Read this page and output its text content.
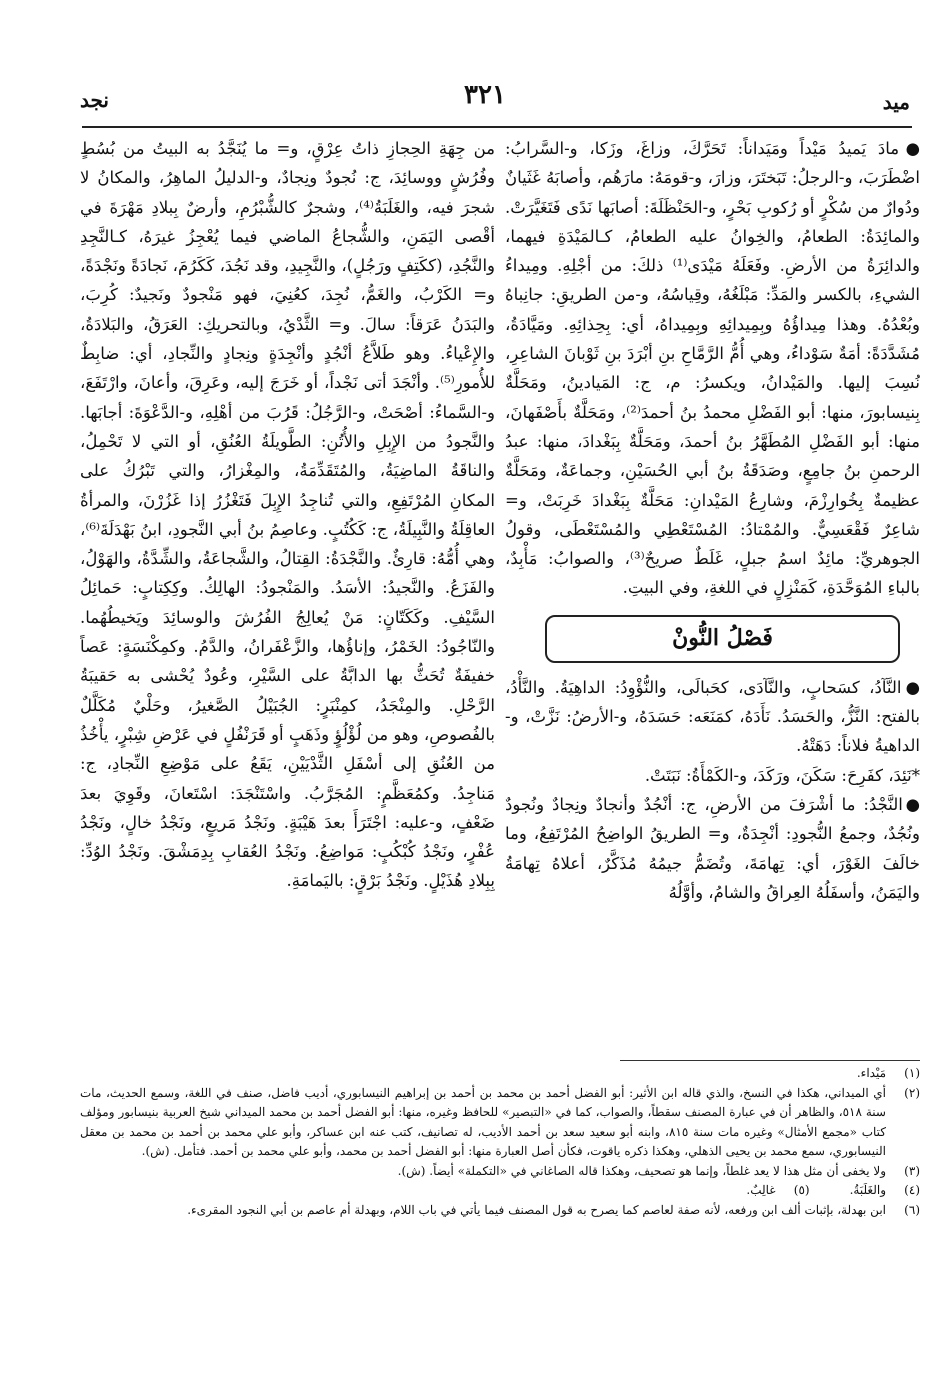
نجد	٣٢١	ميد

●مادَ يَميدُ مَيْداً ومَيَداناً: تَحَرَّكَ، وزاغَ، وزَكا، و-السَّرابُ: اضْطَرَبَ، و-الرجلُ: تَبَختَرَ، وزارَ، و-قومَهُ: مارَهُم، وأصابَهُ غَثَيانٌ ودُوارٌ من سُكْرٍ أو رُكوبِ بَحْرٍ، و-الحَنْظَلَةَ: أصابَها نَدًى فَتَغَيَّرَتْ. والمائِدَةُ: الطعامُ، والخِوانُ عليه الطعامُ، كـالمَيْدَةِ فيهما، والدائِرَةُ من الأرضِ. وفَعَلَهُ مَيْدَى⁽¹⁾ ذلكَ: من أجْلِهِ. ومِيداءُ الشيءِ، بالكسر والمَدِّ: مَبْلَغُهُ، وقِياسُهُ، و-من الطريقِ: جانِباهُ وبُعْدُهُ. وهذا مِيداؤُهُ وبِمِيدائِهِ وبِمِيداهُ، أي: بِحِذائِهِ. ومَيَّادَةُ، مُشَدَّدَةً: أمَةٌ سَوْداءُ، وهي أُمُّ الرَّمَّاحِ بنِ أبْرَدَ بنِ ثَوْبانَ الشاعِرِ، نُسِبَ إليها. والمَيْدانُ، ويكسرُ: م، ج: المَيادينُ، ومَحَلَّةٌ بِنيسابورَ، منها: أبو الفَضْلِ محمدُ بنُ أحمدَ⁽²⁾، ومَحَلَّةٌ بأَصْفَهانَ، منها: أبو الفَضْلِ المُطَهَّرُ بنُ أحمدَ، ومَحَلَّةٌ بِبَغْدادَ، منها: عبدُ الرحمنِ بنُ جامِعٍ، وصَدَقَةُ بنُ أبي الحُسَيْنِ، وجماعَةٌ، ومَحَلَّةٌ عظيمةٌ بِخُوارِزْمَ، وشارِعُ المَيْدانِ: مَحَلَّةٌ بِبَغْدادَ خَرِبَتْ، و= شاعِرٌ فَقْعَسِيٌّ. والمُمْتادُ: المُسْتَعْطِي والمُسْتَعْطَى، وقولُ الجوهريِّ: مائِدٌ اسمُ جبلٍ، غَلَطٌ صريحٌ⁽³⁾، والصوابُ: مَأْبِدٌ، بالباءِ المُوَحَّدَةِ، كَمَنْزِلٍ في اللغةِ، وفي البيتِ.

فَصْلُ النُّونْ

●النَّآدُ، كسَحابٍ، والنَّآدَى، كحَبالَى، والنُّؤْوِدُ: الداهِيَةُ. والنَّأْدُ، بالفتح: النَّزُّ، والحَسَدُ. نَأَدَهُ، كمَنَعَه: حَسَدَهُ، و-الأرضُ: نَزَّتْ، و-الداهيةُ فلاناً: دَهَتْهُ.

*نَئِدَ، كفَرِحَ: سَكَنَ، ورَكَدَ، و-الكَمْأَةُ: نَبَتَتْ.

●النَّجْدُ: ما أشْرَفَ من الأرضِ، ج: أنْجُدٌ وأنجادٌ ونِجادٌ ونُجودٌ ونُجُدٌ، وجمعُ النُّجودِ: أنْجِدَةٌ، و= الطريقُ الواضِحُ المُرْتَفِعُ، وما خالَفَ الغَوْرَ، أي: تِهامَةَ، وتُضَمُّ جيمُهُ مُذَكَّرٌ، أعلاهُ تِهامَةُ واليَمَنُ، وأسفَلُهُ العِراقُ والشامُ، وأوَّلُهُ

من جِهَةِ الحِجازِ ذاتُ عِرْقٍ، و= ما يُنَجَّدُ به البيتُ من بُسُطٍ وفُرُشٍ ووسائِدَ، ج: نُجودٌ ونِجادٌ، و-الدليلُ الماهِرُ، والمكانُ لا شجرَ فيه، والغَلَبَةُ⁽⁴⁾، وشجرٌ كالشُّبْرُمِ، وأرضٌ بِبلادِ مَهْرَةَ في أقْصى اليَمَنِ، والشُّجاعُ الماضي فيما يُعْجِزُ غيرَهُ، كـالنَّجِدِ والنَّجُدِ، (ككَتِفٍ ورَجُلٍ)، والنَّجِيدِ، وقد نَجُدَ، كَكَرُمَ، نَجادَةً ونَجْدَةً، و= الكَرْبُ، والغَمُّ، نُجِدَ، كعُنِيَ، فهو مَنْجودٌ ونَجيدٌ: كُرِبَ، والبَدَنُ عَرَقاً: سالَ. و= الثَّدْيُ، وبالتحريكِ: العَرَقُ، والبَلادَةُ، والإِعْياءُ. وهو طَلاَّعُ أنْجُدٍ وأنْجِدَةٍ ونِجادٍ والنِّجادِ، أي: ضابِطٌ للأُمورِ⁽⁵⁾. وأنْجَدَ أتى نَجْداً، أو خَرَجَ إليه، وعَرِقَ، وأعانَ، وارْتَفَعَ، و-السَّماءُ: أصْحَتْ، و-الرَّجُلُ: قَرُبَ من أهْلِهِ، و-الدَّعْوَةَ: أجابَها. والنَّجودُ من الإِبِلِ والأُتُنِ: الطَّويلَةُ العُنُقِ، أو التي لا تَحْمِلُ، والناقَةُ الماضِيَةُ، والمُتَقَدِّمَةُ، والمِغْزارُ، والتي تَبْرُكُ على المكانِ المُرْتَفِعِ، والتي تُناجِدُ الإِبِلَ فَتَغْزُرُ إذا غَزُرْنَ، والمرأةُ العاقِلَةُ والنَّبِيلَةُ، ج: كَكُتُبٍ. وعاصِمُ بنُ أبي النَّجودِ، ابنُ بَهْدَلَةَ⁽⁶⁾، وهي أُمُّهُ: قارِئٌ. والنَّجْدَةُ: القِتالُ، والشَّجاعَةُ، والشِّدَّةُ، والهَوْلُ، والفَزَعُ. والنَّجيدُ: الأسَدُ. والمَنْجودُ: الهالِكُ. وكِكِتابٍ: حَمائِلُ السَّيْفِ. وكَكَتّانٍ: مَنْ يُعالِجُ الفُرُشَ والوسائِدَ ويَخيطُهُما. والنّاجُودُ: الخَمْرُ، وإناؤُها، والزَّعْفَرانُ، والدَّمُ. وكمِكْنَسَةٍ: عَصاً خفيفَةٌ تُحَثُّ بها الدابَّةُ على السَّيْرِ، وعُودٌ يُحْشى به حَقيبَةُ الرَّحْلِ. والمِنْجَدُ، كمِنْبَرٍ: الجُبَيْلُ الصَّغيرُ، وحَلْيٌ مُكَلَّلٌ بالفُصوصِ، وهو من لُؤْلُؤٍ وذَهَبٍ أو قَرَنْفُلٍ في عَرْضِ شِبْرٍ، يأْخُذُ من العُنُقِ إلى أسْفَلِ الثَّدْيَيْنِ، يَقَعُ على مَوْضِعِ النِّجادِ، ج: مَناجِدُ. وكمُعَظَّمٍ: المُجَرَّبُ. واسْتَنْجَدَ: اسْتَعانَ، وقَوِيَ بعدَ ضَعْفٍ، و-عليه: اجْتَرَأَ بعدَ هَيْبَةٍ. ونَجْدُ مَريعٍ، ونَجْدُ خالٍ، ونَجْدُ عُفْرٍ، ونَجْدُ كُبْكُبٍ: مَواضِعُ. ونَجْدُ العُقابِ بِدِمَشْقَ. ونَجْدُ الوُدِّ: بِبِلادِ هُذَيْلٍ. ونَجْدُ بَرْقٍ: باليَمامَةِ.

(١)
مَيْداء.
(٢)
أي الميداني، هكذا في النسخ، والذي قاله ابن الأثير: أبو الفضل أحمد بن محمد بن أحمد بن إبراهيم النيسابوري، أديب فاضل، صنف في اللغة، وسمع الحديث، مات سنة ٥١٨، والظاهر أن في عبارة المصنف سقطاً، والصواب، كما في «التبصير» للحافظ وغيره، منها: أبو الفضل أحمد بن محمد الميداني شيخ العربية بنيسابور ومؤلف كتاب «مجمع الأمثال» وغيره مات سنة ٨١٥، وابنه أبو سعيد سعد بن أحمد الأديب، له تصانيف، كتب عنه ابن عساكر، وأبو علي محمد بن أحمد بن محمد بن معقل النيسابوري، سمع محمد بن يحيى الذهلي، وهكذا ذكره ياقوت، فكأن أصل العبارة منها: أبو الفضل أحمد بن محمد، وأبو علي محمد بن أحمد. فتأمل. (ش).
(٣)
ولا يخفى أن مثل هذا لا يعد غلطاً، وإنما هو تصحيف، وهكذا قاله الصاغاني في «التكملة» أيضاً. (ش).
(٤)
والغَلَبَةُ.
(٥)
غالِبٌ.
(٦)
ابن بهدلة، بإثبات ألف ابن ورفعه، لأنه صفة لعاصم كما يصرح به قول المصنف فيما يأتي في باب اللام، وبهدلة أم عاصم بن أبي النجود المقرىء.
